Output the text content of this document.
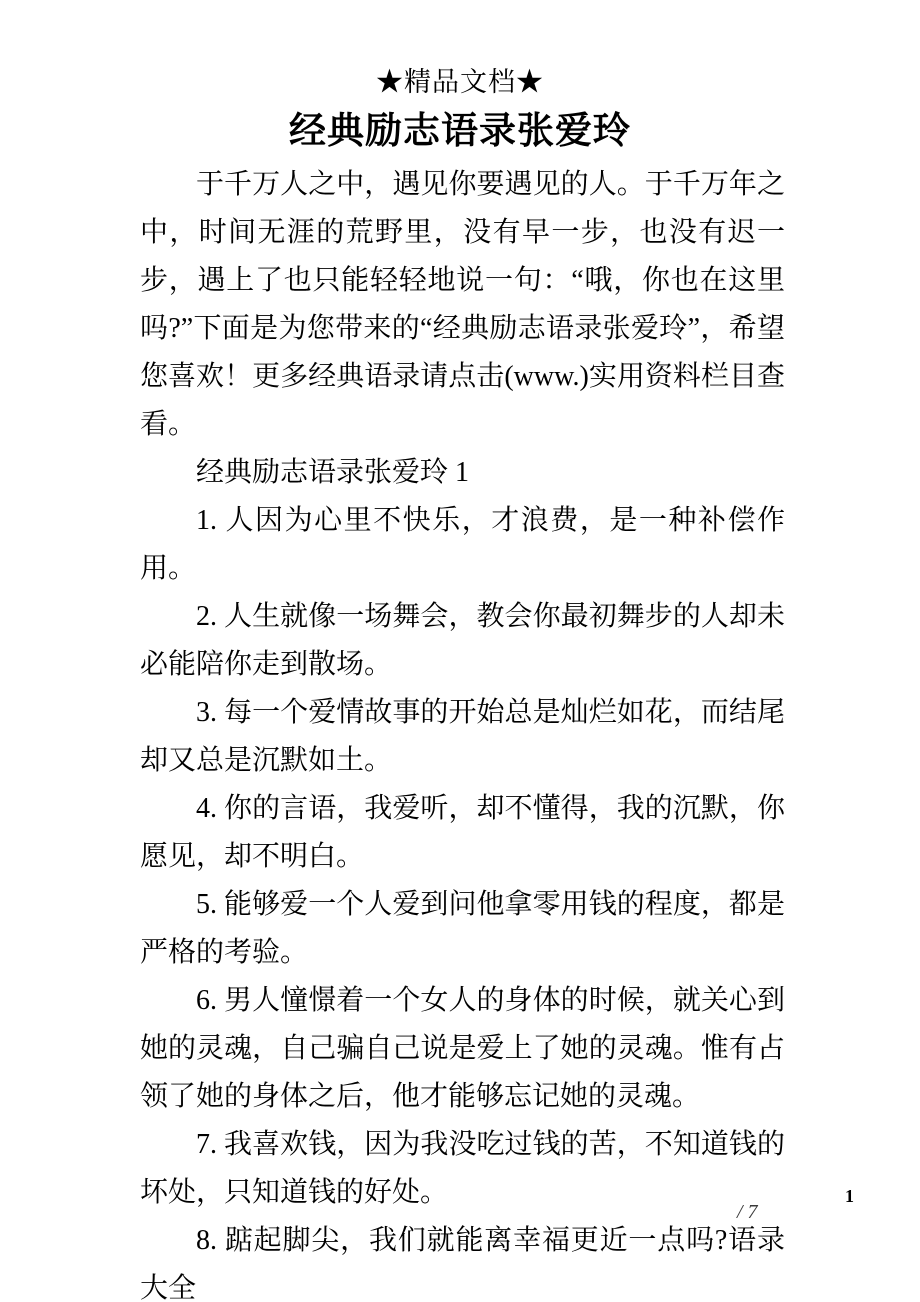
★精品文档★
经典励志语录张爱玲

于千万人之中，遇见你要遇见的人。于千万年之中，时间无涯的荒野里，没有早一步，也没有迟一步，遇上了也只能轻轻地说一句：“哦，你也在这里吗?”下面是为您带来的“经典励志语录张爱玲”，希望您喜欢！更多经典语录请点击(www.)实用资料栏目查看。

经典励志语录张爱玲 1

1. 人因为心里不快乐，才浪费，是一种补偿作用。

2. 人生就像一场舞会，教会你最初舞步的人却未必能陪你走到散场。

3. 每一个爱情故事的开始总是灿烂如花，而结尾却又总是沉默如土。

4. 你的言语，我爱听，却不懂得，我的沉默，你愿见，却不明白。

5. 能够爱一个人爱到问他拿零用钱的程度，都是严格的考验。

6. 男人憧憬着一个女人的身体的时候，就关心到她的灵魂，自己骗自己说是爱上了她的灵魂。惟有占领了她的身体之后，他才能够忘记她的灵魂。

7. 我喜欢钱，因为我没吃过钱的苦，不知道钱的坏处，只知道钱的好处。

8. 踮起脚尖，我们就能离幸福更近一点吗?语录大全

1
/ 7
